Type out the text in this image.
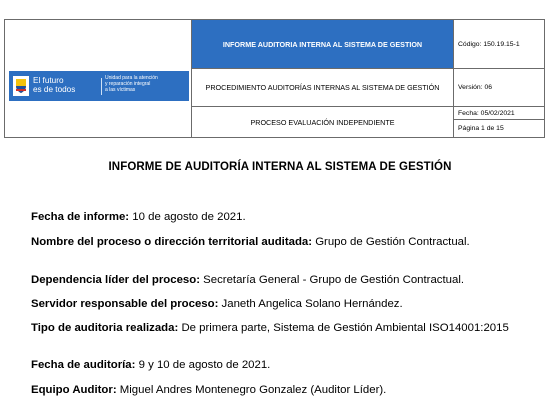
El futuro
es de todos
Unidad para la atención
y reparación integral
a las víctimas
INFORME AUDITORIA INTERNA AL SISTEMA DE GESTION
PROCEDIMIENTO AUDITORÍAS INTERNAS AL SISTEMA DE GESTIÓN
PROCESO EVALUACIÓN INDEPENDIENTE
Código: 150.19.15-1
Versión: 06
Fecha: 05/02/2021
Página 1 de 15
INFORME DE AUDITORÍA INTERNA AL SISTEMA DE GESTIÓN
Fecha de informe: 10 de agosto de 2021.
Nombre del proceso o dirección territorial auditada: Grupo de Gestión Contractual.
Dependencia líder del proceso: Secretaría General - Grupo de Gestión Contractual.
Servidor responsable del proceso: Janeth Angelica Solano Hernández.
Tipo de auditoria realizada: De primera parte, Sistema de Gestión Ambiental ISO14001:2015
Fecha de auditoría: 9 y 10 de agosto de 2021.
Equipo Auditor: Miguel Andres Montenegro Gonzalez (Auditor Líder).
